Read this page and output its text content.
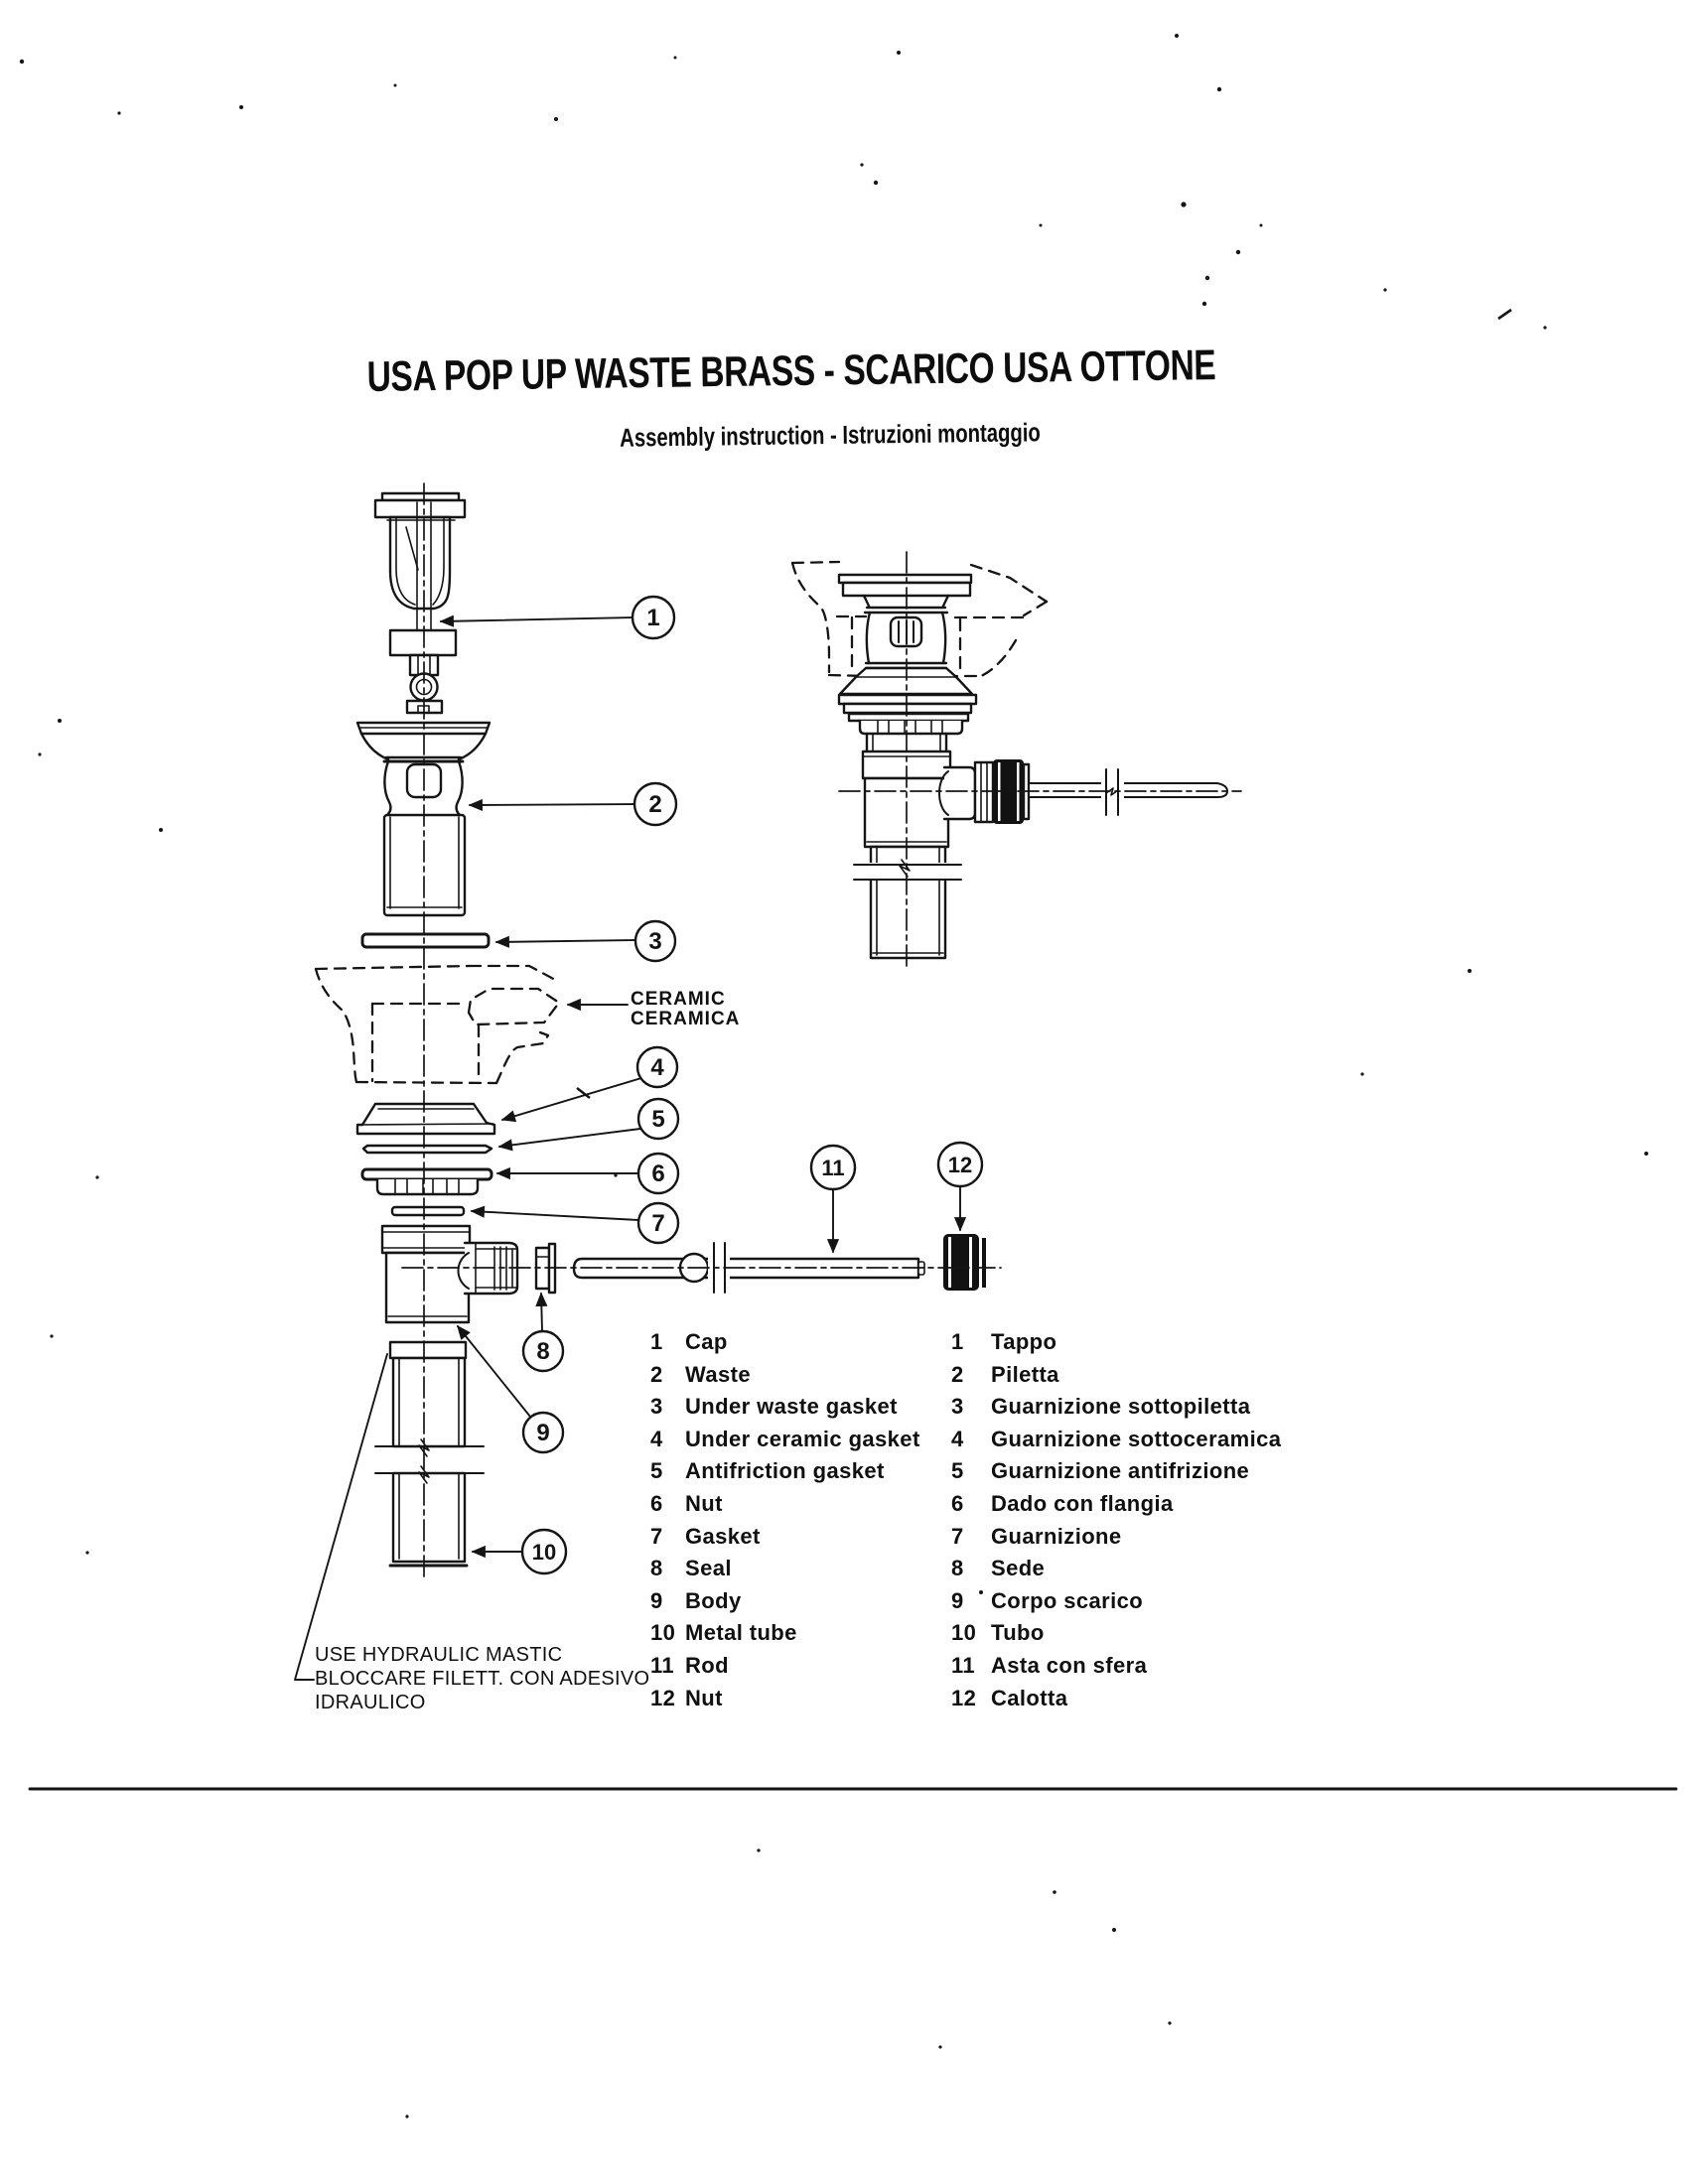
1
2
3
4
5
6
7
8
9
10
11	12
USA POP UP WASTE BRASS - SCARICO USA OTTONE
Assembly instruction - Istruzioni montaggio
CERAMIC
CERAMICA
1	Cap
2	Waste
3	Under waste gasket
4	Under ceramic gasket
5	Antifriction gasket
6	Nut
7	Gasket
8	Seal
9	Body
10 Metal tube
11 Rod
12 Nut
1	Tappo
2	Piletta
3	Guarnizione sottopiletta
4	Guarnizione sottoceramica
5	Guarnizione antifrizione
6	Dado con flangia
7	Guarnizione
8	Sede
9	Corpo scarico
10 Tubo
11 Asta con sfera
12 Calotta
USE HYDRAULIC MASTIC
BLOCCARE FILETT. CON ADESIVO
IDRAULICO
